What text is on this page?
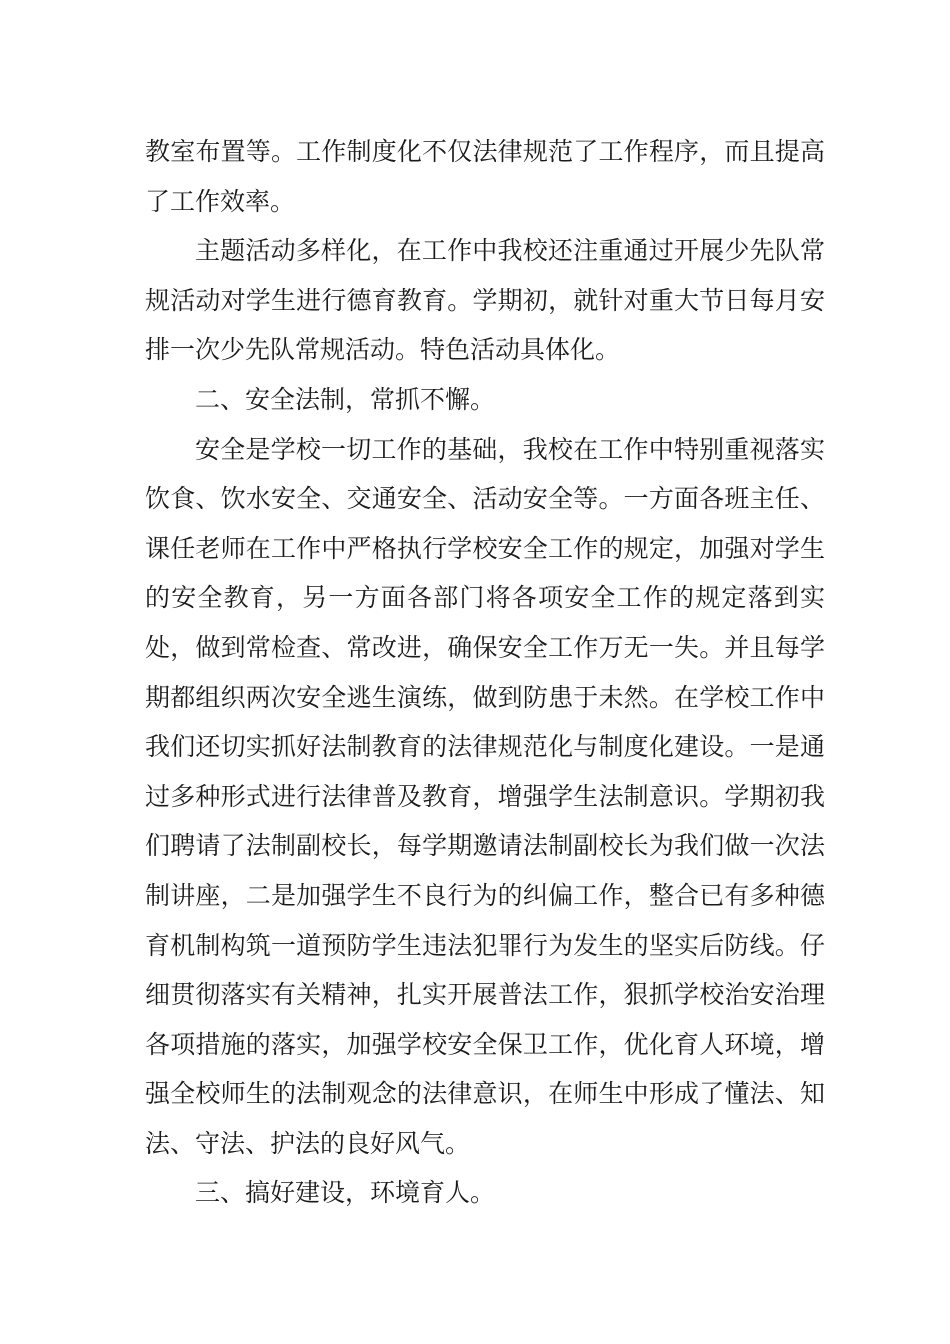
教室布置等。工作制度化不仅法律规范了工作程序，而且提高了工作效率。

主题活动多样化，在工作中我校还注重通过开展少先队常规活动对学生进行德育教育。学期初，就针对重大节日每月安排一次少先队常规活动。特色活动具体化。

二、安全法制，常抓不懈。

安全是学校一切工作的基础，我校在工作中特别重视落实饮食、饮水安全、交通安全、活动安全等。一方面各班主任、课任老师在工作中严格执行学校安全工作的规定，加强对学生的安全教育，另一方面各部门将各项安全工作的规定落到实处，做到常检查、常改进，确保安全工作万无一失。并且每学期都组织两次安全逃生演练，做到防患于未然。在学校工作中我们还切实抓好法制教育的法律规范化与制度化建设。一是通过多种形式进行法律普及教育，增强学生法制意识。学期初我们聘请了法制副校长，每学期邀请法制副校长为我们做一次法制讲座，二是加强学生不良行为的纠偏工作，整合已有多种德育机制构筑一道预防学生违法犯罪行为发生的坚实后防线。仔细贯彻落实有关精神，扎实开展普法工作，狠抓学校治安治理各项措施的落实，加强学校安全保卫工作，优化育人环境，增强全校师生的法制观念的法律意识，在师生中形成了懂法、知法、守法、护法的良好风气。

三、搞好建设，环境育人。
